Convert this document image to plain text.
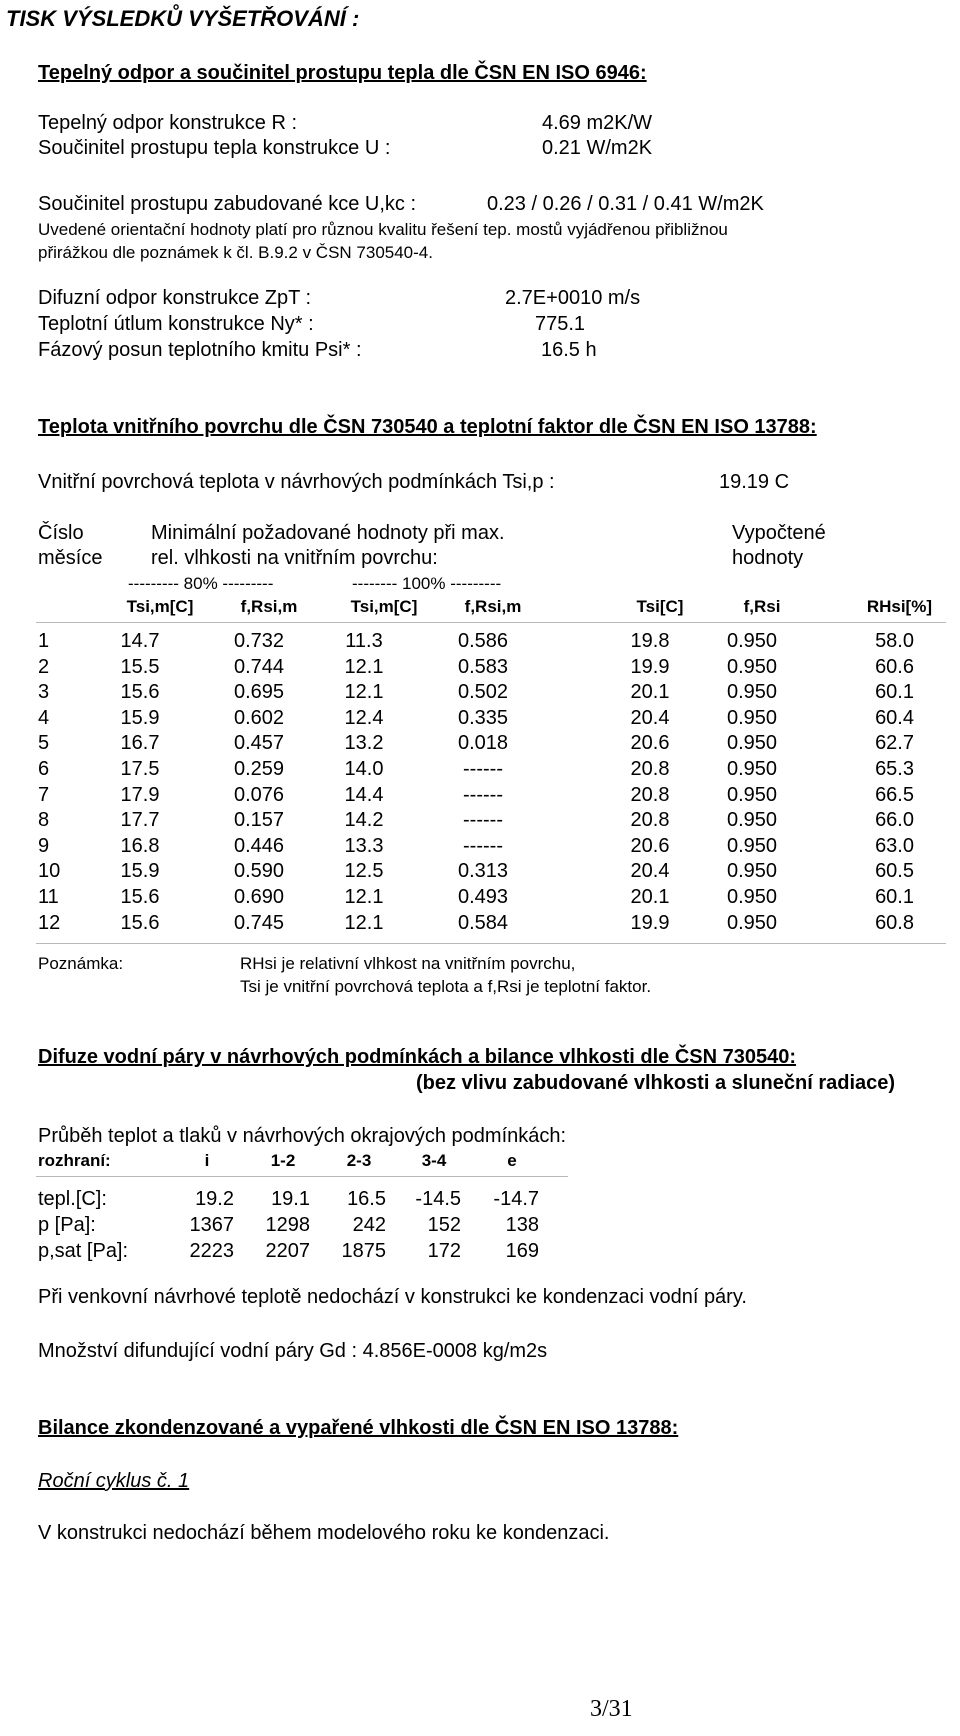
TISK VÝSLEDKŮ VYŠETŘOVÁNÍ :
Tepelný odpor a součinitel prostupu tepla dle ČSN EN ISO 6946:
Tepelný odpor konstrukce R :	4.69 m2K/W
Součinitel prostupu tepla konstrukce U :	0.21 W/m2K
Součinitel prostupu zabudované kce U,kc :	0.23 / 0.26 / 0.31 / 0.41 W/m2K
Uvedené orientační hodnoty platí pro různou kvalitu řešení tep. mostů vyjádřenou přibližnou
přirážkou dle poznámek k čl. B.9.2 v ČSN 730540-4.
Difuzní odpor konstrukce ZpT :	2.7E+0010 m/s
Teplotní útlum konstrukce Ny* :	775.1
Fázový posun teplotního kmitu Psi* :	16.5 h
Teplota vnitřního povrchu dle ČSN 730540 a teplotní faktor dle ČSN EN ISO 13788:
Vnitřní povrchová teplota v návrhových podmínkách Tsi,p :	19.19 C
Číslo
měsíce
Minimální požadované hodnoty při max.
rel. vlhkosti na vnitřním povrchu:
Vypočtené
hodnoty
--------- 80% ---------	-------- 100% ---------
Tsi,m[C]	f,Rsi,m	Tsi,m[C]	f,Rsi,m	Tsi[C]	f,Rsi	RHsi[%]
1	14.7	0.732	11.3	0.586	19.8	0.950	58.0
2	15.5	0.744	12.1	0.583	19.9	0.950	60.6
3	15.6	0.695	12.1	0.502	20.1	0.950	60.1
4	15.9	0.602	12.4	0.335	20.4	0.950	60.4
5	16.7	0.457	13.2	0.018	20.6	0.950	62.7
6	17.5	0.259	14.0	------	20.8	0.950	65.3
7	17.9	0.076	14.4	------	20.8	0.950	66.5
8	17.7	0.157	14.2	------	20.8	0.950	66.0
9	16.8	0.446	13.3	------	20.6	0.950	63.0
10	15.9	0.590	12.5	0.313	20.4	0.950	60.5
11	15.6	0.690	12.1	0.493	20.1	0.950	60.1
12	15.6	0.745	12.1	0.584	19.9	0.950	60.8
Poznámka:	RHsi je relativní vlhkost na vnitřním povrchu,
Tsi je vnitřní povrchová teplota a f,Rsi je teplotní faktor.
Difuze vodní páry v návrhových podmínkách a bilance vlhkosti dle ČSN 730540:
(bez vlivu zabudované vlhkosti a sluneční radiace)
Průběh teplot a tlaků v návrhových okrajových podmínkách:
rozhraní:	i	1-2	2-3	3-4	e
tepl.[C]:	19.2	19.1	16.5	-14.5	-14.7
p [Pa]:	1367	1298	242	152	138
p,sat [Pa]:	2223	2207	1875	172	169
Při venkovní návrhové teplotě nedochází v konstrukci ke kondenzaci vodní páry.
Množství difundující vodní páry Gd : 4.856E-0008 kg/m2s
Bilance zkondenzované a vypařené vlhkosti dle ČSN EN ISO 13788:
Roční cyklus č. 1
V konstrukci nedochází během modelového roku ke kondenzaci.
3/31
